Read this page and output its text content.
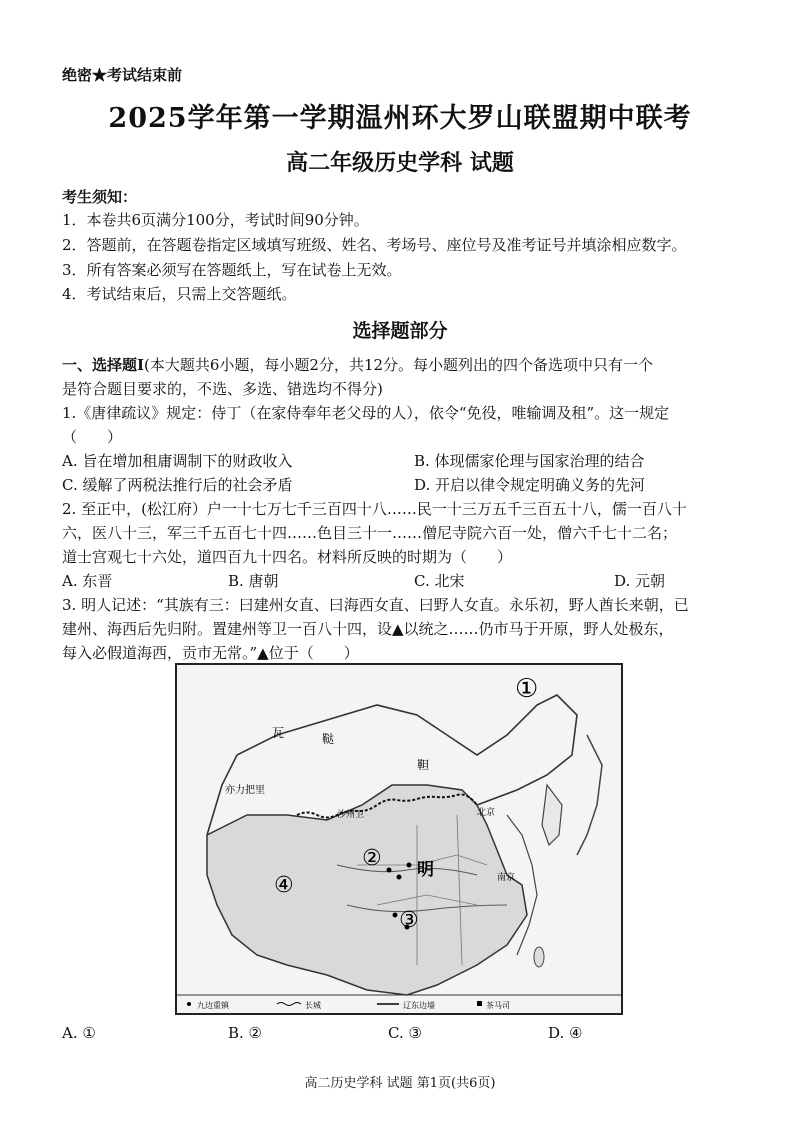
绝密★考试结束前
2025学年第一学期温州环大罗山联盟期中联考
高二年级历史学科 试题
考生须知：
1．本卷共6页满分100分，考试时间90分钟。
2．答题前，在答题卷指定区域填写班级、姓名、考场号、座位号及准考证号并填涂相应数字。
3．所有答案必须写在答题纸上，写在试卷上无效。
4．考试结束后，只需上交答题纸。
选择题部分
一、选择题Ⅰ(本大题共6小题，每小题2分，共12分。每小题列出的四个备选项中只有一个
是符合题目要求的，不选、多选、错选均不得分)
1.《唐律疏议》规定：侍丁（在家侍奉年老父母的人），依令“免役，唯输调及租”。这一规定
（　　）
A. 旨在增加租庸调制下的财政收入	B. 体现儒家伦理与国家治理的结合
C. 缓解了两税法推行后的社会矛盾	D. 开启以律令规定明确义务的先河
2. 至正中，(松江府）户一十七万七千三百四十八……民一十三万五千三百五十八，儒一百八十
六，医八十三，军三千五百七十四……色目三十一……僧尼寺院六百一处，僧六千七十二名；
道士宫观七十六处，道四百九十四名。材料所反映的时期为（　　）
A. 东晋	B. 唐朝	C. 北宋	D. 元朝
3. 明人记述：“其族有三：曰建州女直、曰海西女直、曰野人女直。永乐初，野人酋长来朝，已
建州、海西后先归附。置建州等卫一百八十四，设▲以统之……仍市马于开原，野人处极东，
每入必假道海西，贡市无常。”▲位于（　　）
瓦	鞑
靼
亦力把里
沙州卫	北京
南京
明
①
②
③
④
九边重镇	长城	辽东边墙	茶马司
A. ①	B. ②	C. ③	D. ④
高二历史学科 试题 第1页(共6页)
